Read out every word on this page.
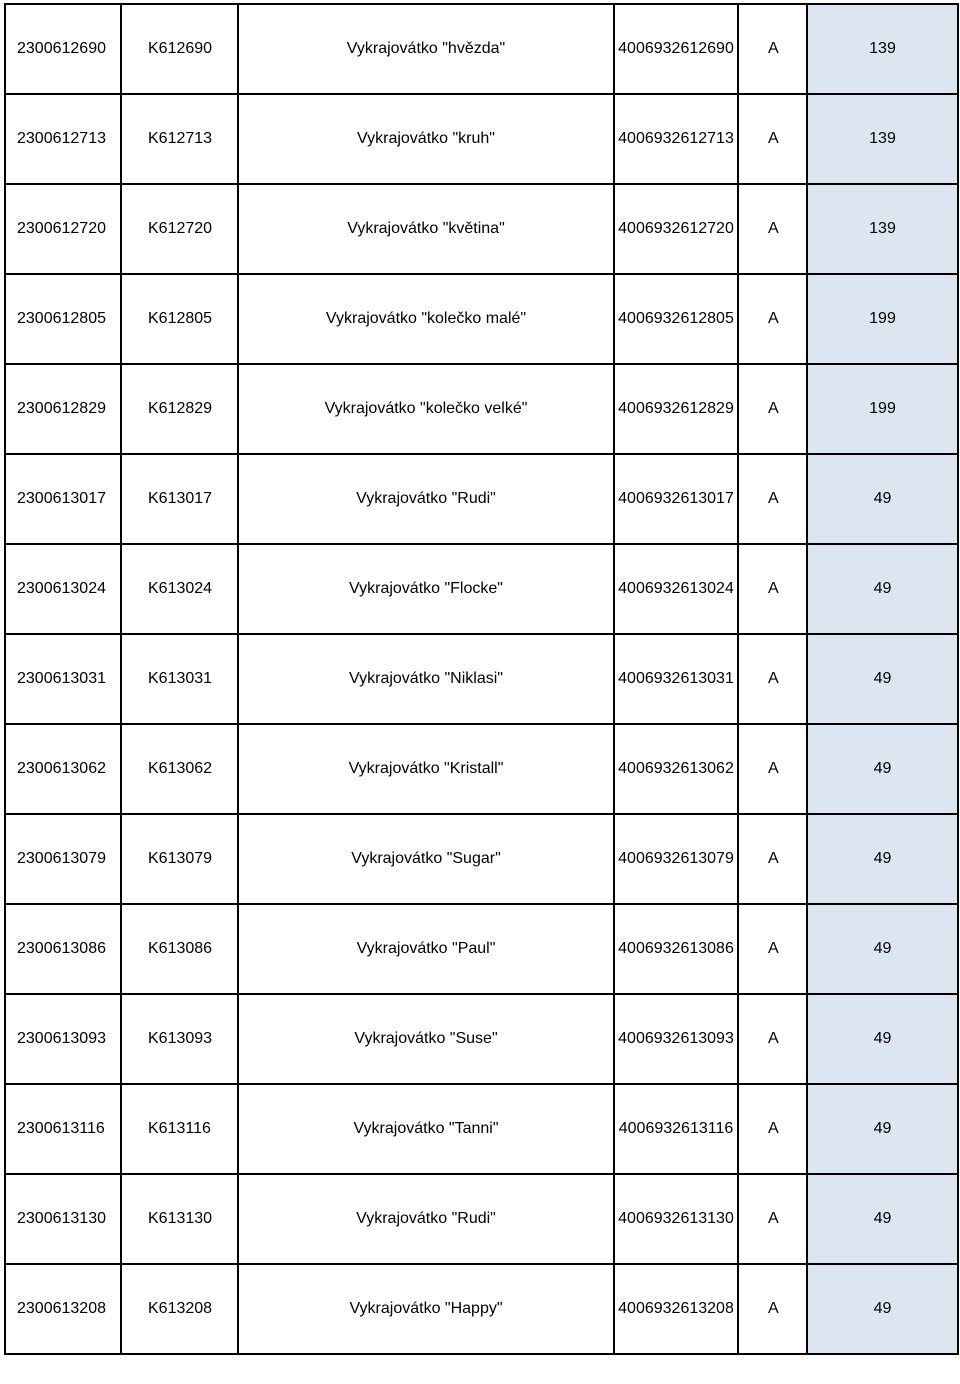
2300612690	K612690	Vykrajovátko "hvězda"	4006932612690	A	139
2300612713	K612713	Vykrajovátko "kruh"	4006932612713	A	139
2300612720	K612720	Vykrajovátko "květina"	4006932612720	A	139
2300612805	K612805	Vykrajovátko "kolečko malé"	4006932612805	A	199
2300612829	K612829	Vykrajovátko "kolečko velké"	4006932612829	A	199
2300613017	K613017	Vykrajovátko "Rudi"	4006932613017	A	49
2300613024	K613024	Vykrajovátko "Flocke"	4006932613024	A	49
2300613031	K613031	Vykrajovátko "Niklasi"	4006932613031	A	49
2300613062	K613062	Vykrajovátko "Kristall"	4006932613062	A	49
2300613079	K613079	Vykrajovátko "Sugar"	4006932613079	A	49
2300613086	K613086	Vykrajovátko "Paul"	4006932613086	A	49
2300613093	K613093	Vykrajovátko "Suse"	4006932613093	A	49
2300613116	K613116	Vykrajovátko "Tanni"	4006932613116	A	49
2300613130	K613130	Vykrajovátko "Rudi"	4006932613130	A	49
2300613208	K613208	Vykrajovátko "Happy"	4006932613208	A	49
